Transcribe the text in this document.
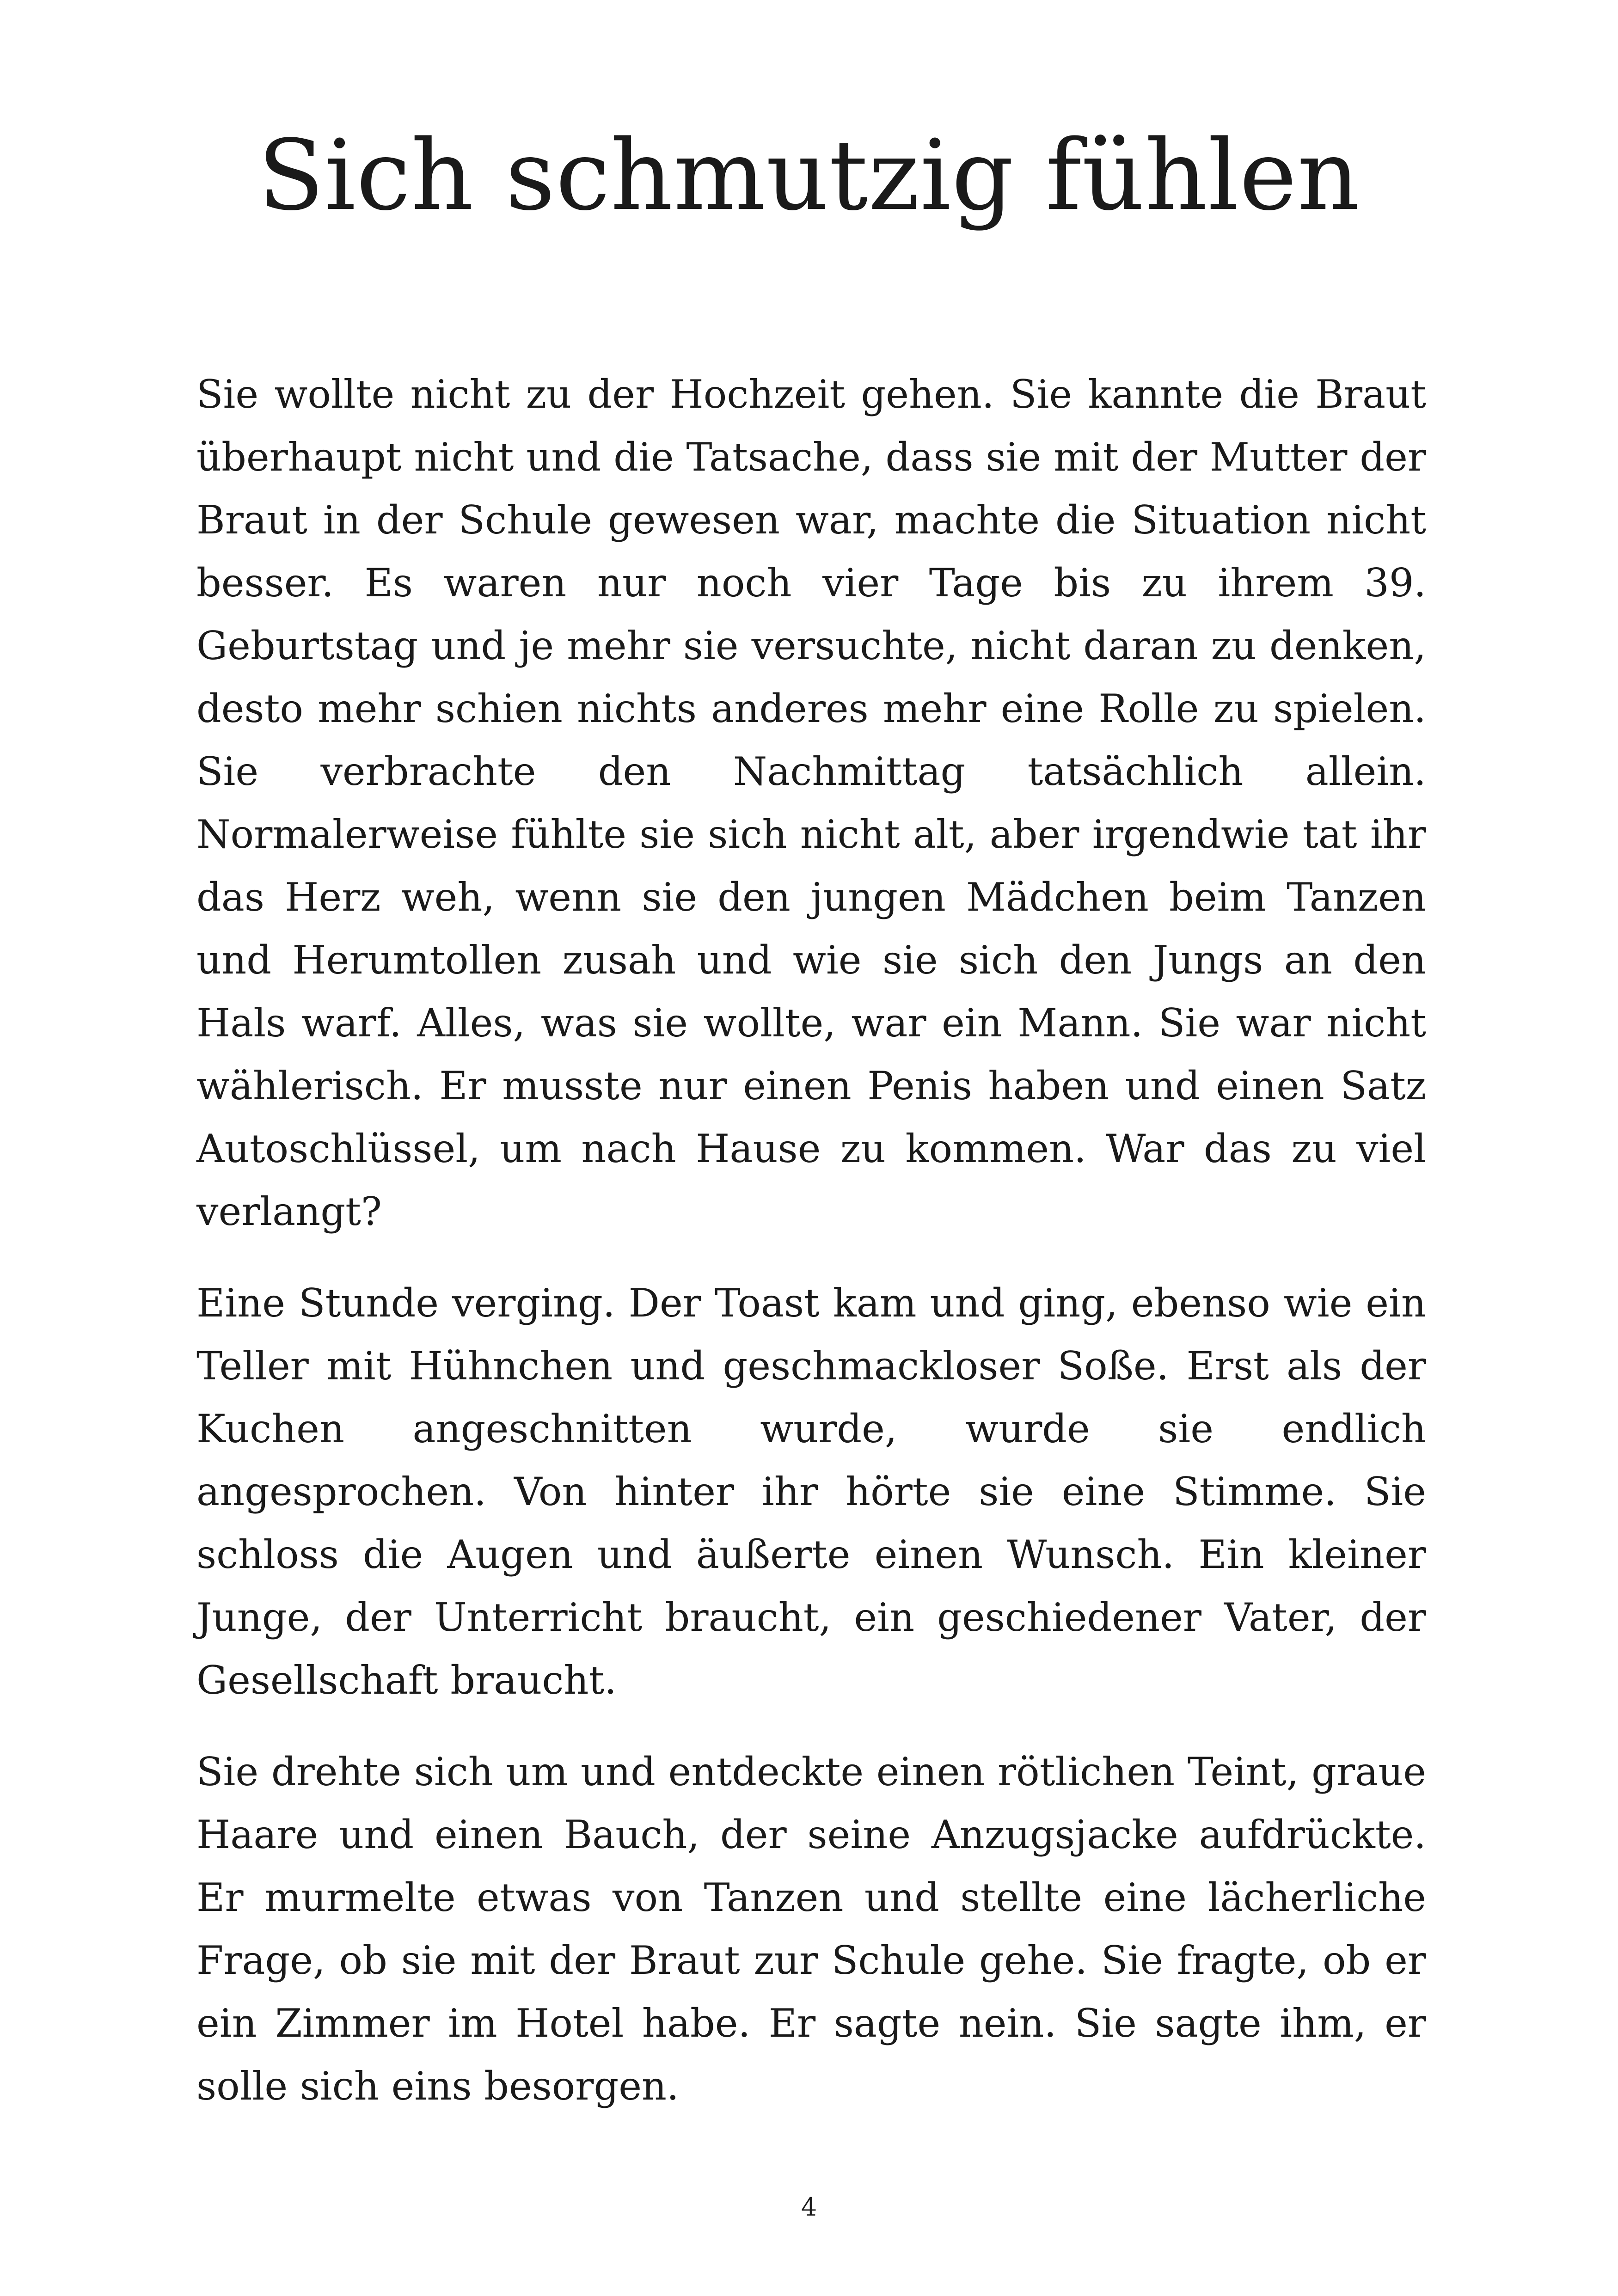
Sich schmutzig fühlen

Sie wollte nicht zu der Hochzeit gehen. Sie kannte die Braut überhaupt nicht und die Tatsache, dass sie mit der Mutter der Braut in der Schule gewesen war, machte die Situation nicht besser. Es waren nur noch vier Tage bis zu ihrem 39. Geburtstag und je mehr sie versuchte, nicht daran zu denken, desto mehr schien nichts anderes mehr eine Rolle zu spielen. Sie verbrachte den Nachmittag tatsächlich allein. Normalerweise fühlte sie sich nicht alt, aber irgendwie tat ihr das Herz weh, wenn sie den jungen Mädchen beim Tanzen und Herumtollen zusah und wie sie sich den Jungs an den Hals warf. Alles, was sie wollte, war ein Mann. Sie war nicht wählerisch. Er musste nur einen Penis haben und einen Satz Autoschlüssel, um nach Hause zu kommen. War das zu viel verlangt?

Eine Stunde verging. Der Toast kam und ging, ebenso wie ein Teller mit Hühnchen und geschmackloser Soße. Erst als der Kuchen angeschnitten wurde, wurde sie endlich angesprochen. Von hinter ihr hörte sie eine Stimme. Sie schloss die Augen und äußerte einen Wunsch. Ein kleiner Junge, der Unterricht braucht, ein geschiedener Vater, der Gesellschaft braucht.

Sie drehte sich um und entdeckte einen rötlichen Teint, graue Haare und einen Bauch, der seine Anzugsjacke aufdrückte. Er murmelte etwas von Tanzen und stellte eine lächerliche Frage, ob sie mit der Braut zur Schule gehe. Sie fragte, ob er ein Zimmer im Hotel habe. Er sagte nein. Sie sagte ihm, er solle sich eins besorgen.

4
